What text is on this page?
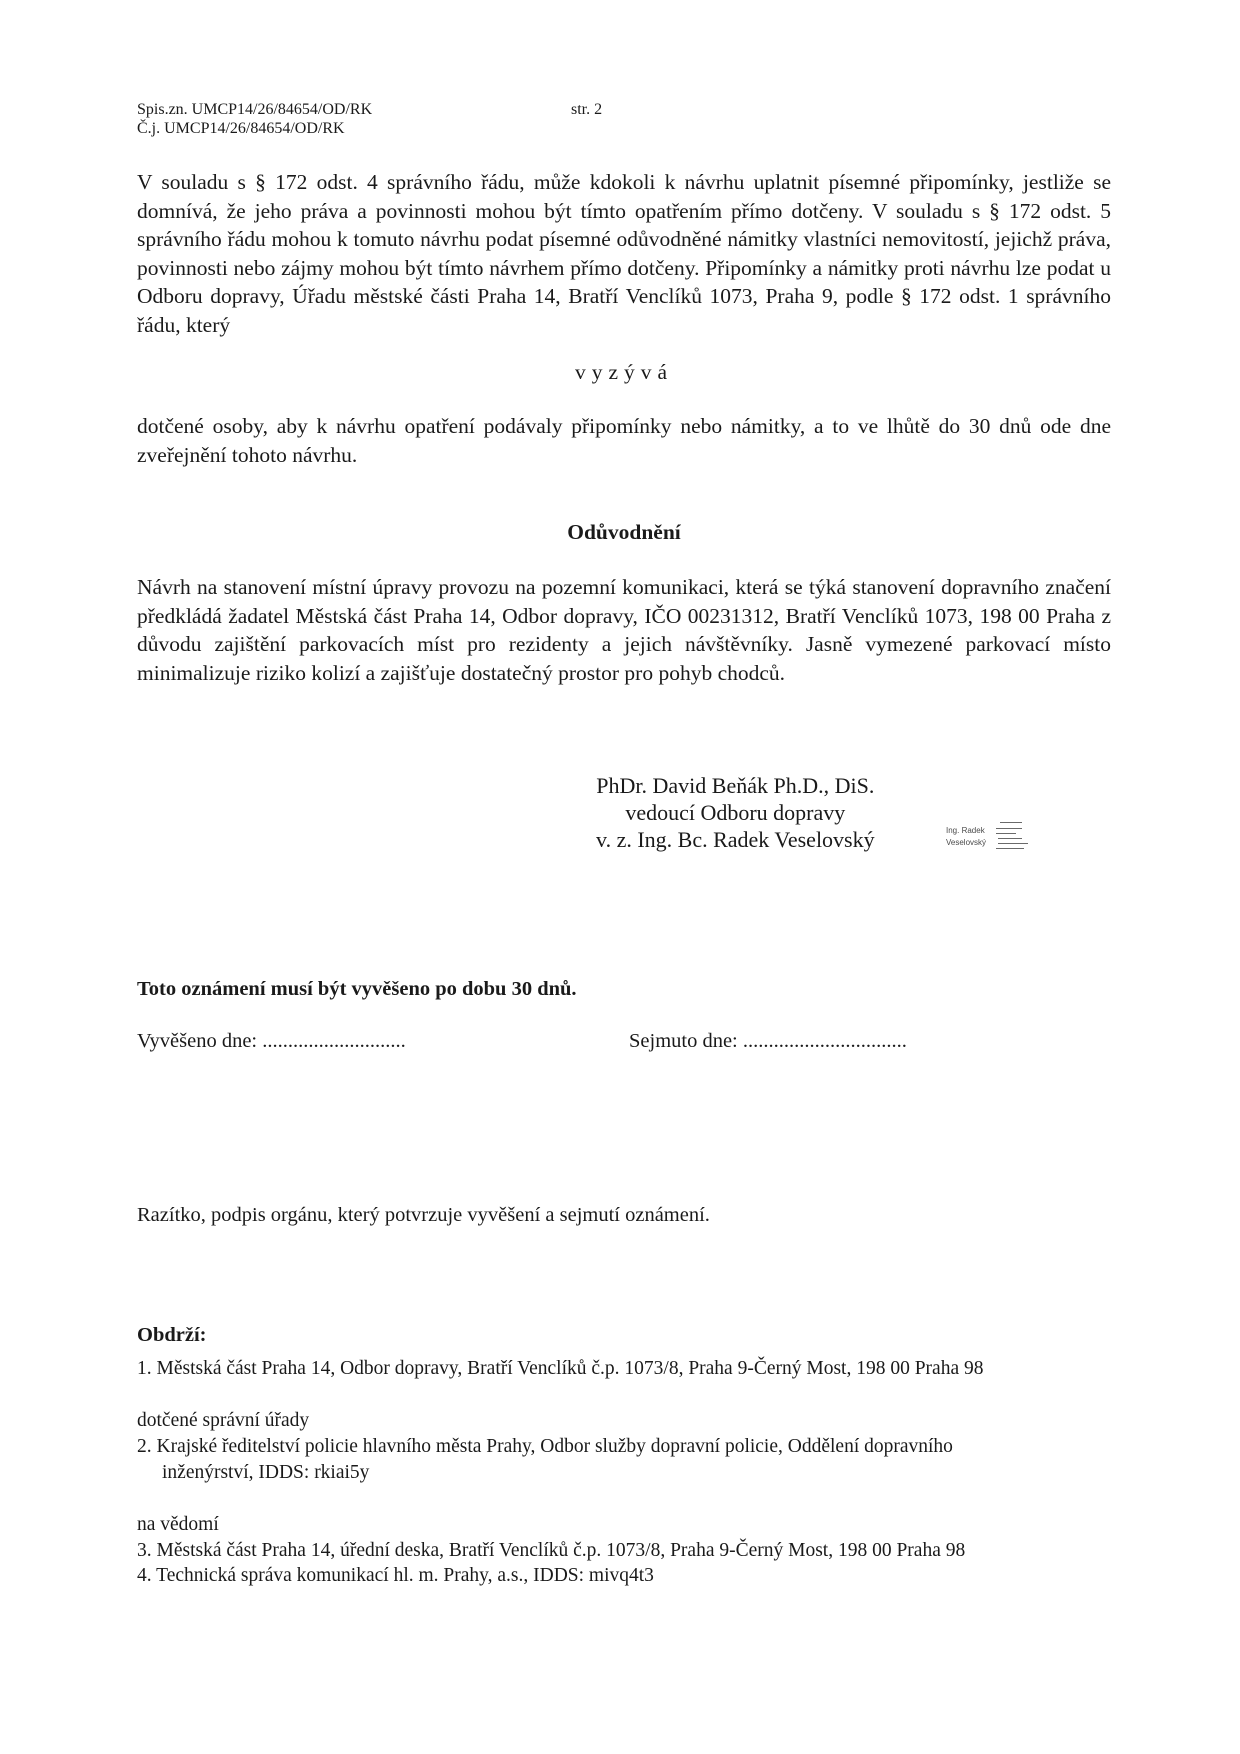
Spis.zn. UMCP14/26/84654/OD/RK	str. 2
Č.j. UMCP14/26/84654/OD/RK

V souladu s § 172 odst. 4 správního řádu, může kdokoli k návrhu uplatnit písemné připomínky, jestliže se domnívá, že jeho práva a povinnosti mohou být tímto opatřením přímo dotčeny. V souladu s § 172 odst. 5 správního řádu mohou k tomuto návrhu podat písemné odůvodněné námitky vlastníci nemovitostí, jejichž práva, povinnosti nebo zájmy mohou být tímto návrhem přímo dotčeny. Připomínky a námitky proti návrhu lze podat u Odboru dopravy, Úřadu městské části Praha 14, Bratří Venclíků 1073, Praha 9, podle § 172 odst. 1 správního řádu, který

vyzývá

dotčené osoby, aby k návrhu opatření podávaly připomínky nebo námitky, a to ve lhůtě do 30 dnů ode dne zveřejnění tohoto návrhu.

Odůvodnění

Návrh na stanovení místní úpravy provozu na pozemní komunikaci, která se týká stanovení dopravního značení předkládá žadatel Městská část Praha 14, Odbor dopravy, IČO 00231312, Bratří Venclíků 1073, 198 00 Praha z důvodu zajištění parkovacích míst pro rezidenty a jejich návštěvníky. Jasně vymezené parkovací místo minimalizuje riziko kolizí a zajišťuje dostatečný prostor pro pohyb chodců.

PhDr. David Beňák Ph.D., DiS.
vedoucí Odboru dopravy
v. z. Ing. Bc. Radek Veselovský	Ing. Radek
Veselovský
Toto oznámení musí být vyvěšeno po dobu 30 dnů.
Vyvěšeno dne: ............................	Sejmuto dne: ................................
Razítko, podpis orgánu, který potvrzuje vyvěšení a sejmutí oznámení.
Obdrží:
1. Městská část Praha 14, Odbor dopravy, Bratří Venclíků č.p. 1073/8, Praha 9-Černý Most, 198 00 Praha 98
dotčené správní úřady
2. Krajské ředitelství policie hlavního města Prahy, Odbor služby dopravní policie, Oddělení dopravního
inženýrství, IDDS: rkiai5y
na vědomí
3. Městská část Praha 14, úřední deska, Bratří Venclíků č.p. 1073/8, Praha 9-Černý Most, 198 00 Praha 98
4. Technická správa komunikací hl. m. Prahy, a.s., IDDS: mivq4t3
